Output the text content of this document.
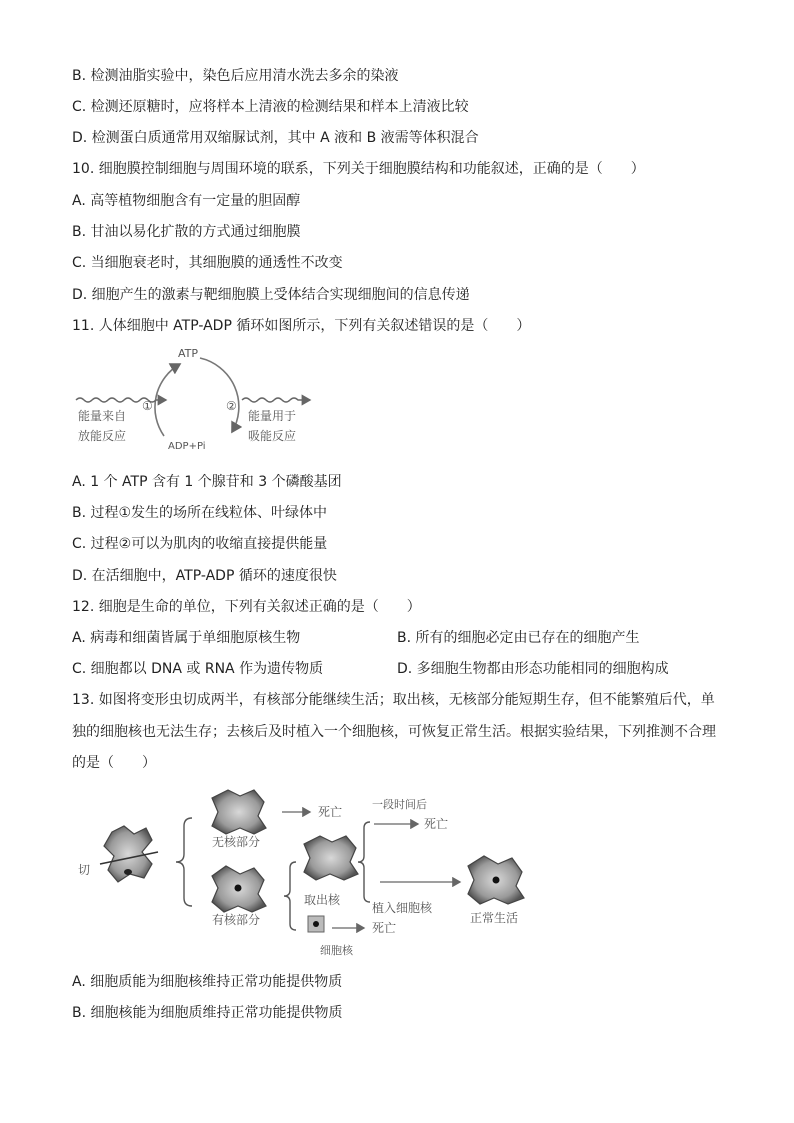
B. 检测油脂实验中，染色后应用清水洗去多余的染液
C. 检测还原糖时，应将样本上清液的检测结果和样本上清液比较
D. 检测蛋白质通常用双缩脲试剂，其中 A 液和 B 液需等体积混合
10. 细胞膜控制细胞与周围环境的联系，下列关于细胞膜结构和功能叙述，正确的是（　　）
A. 高等植物细胞含有一定量的胆固醇
B. 甘油以易化扩散的方式通过细胞膜
C. 当细胞衰老时，其细胞膜的通透性不改变
D. 细胞产生的激素与靶细胞膜上受体结合实现细胞间的信息传递
11. 人体细胞中 ATP-ADP 循环如图所示，下列有关叙述错误的是（　　）
ATP
ADP+Pi
①	②
能量来自
放能反应
能量用于
吸能反应
A. 1 个 ATP 含有 1 个腺苷和 3 个磷酸基团
B. 过程①发生的场所在线粒体、叶绿体中
C. 过程②可以为肌肉的收缩直接提供能量
D. 在活细胞中，ATP-ADP 循环的速度很快
12. 细胞是生命的单位，下列有关叙述正确的是（　　）
A. 病毒和细菌皆属于单细胞原核生物	B. 所有的细胞必定由已存在的细胞产生
C. 细胞都以 DNA 或 RNA 作为遗传物质	D. 多细胞生物都由形态功能相同的细胞构成
13. 如图将变形虫切成两半，有核部分能继续生活；取出核，无核部分能短期生存，但不能繁殖后代，单
独的细胞核也无法生存；去核后及时植入一个细胞核，可恢复正常生活。根据实验结果，下列推测不合理
的是（　　）
切
无核部分
死亡
有核部分
取出核
细胞核
死亡
一段时间后
死亡
植入细胞核
正常生活
A. 细胞质能为细胞核维持正常功能提供物质
B. 细胞核能为细胞质维持正常功能提供物质
